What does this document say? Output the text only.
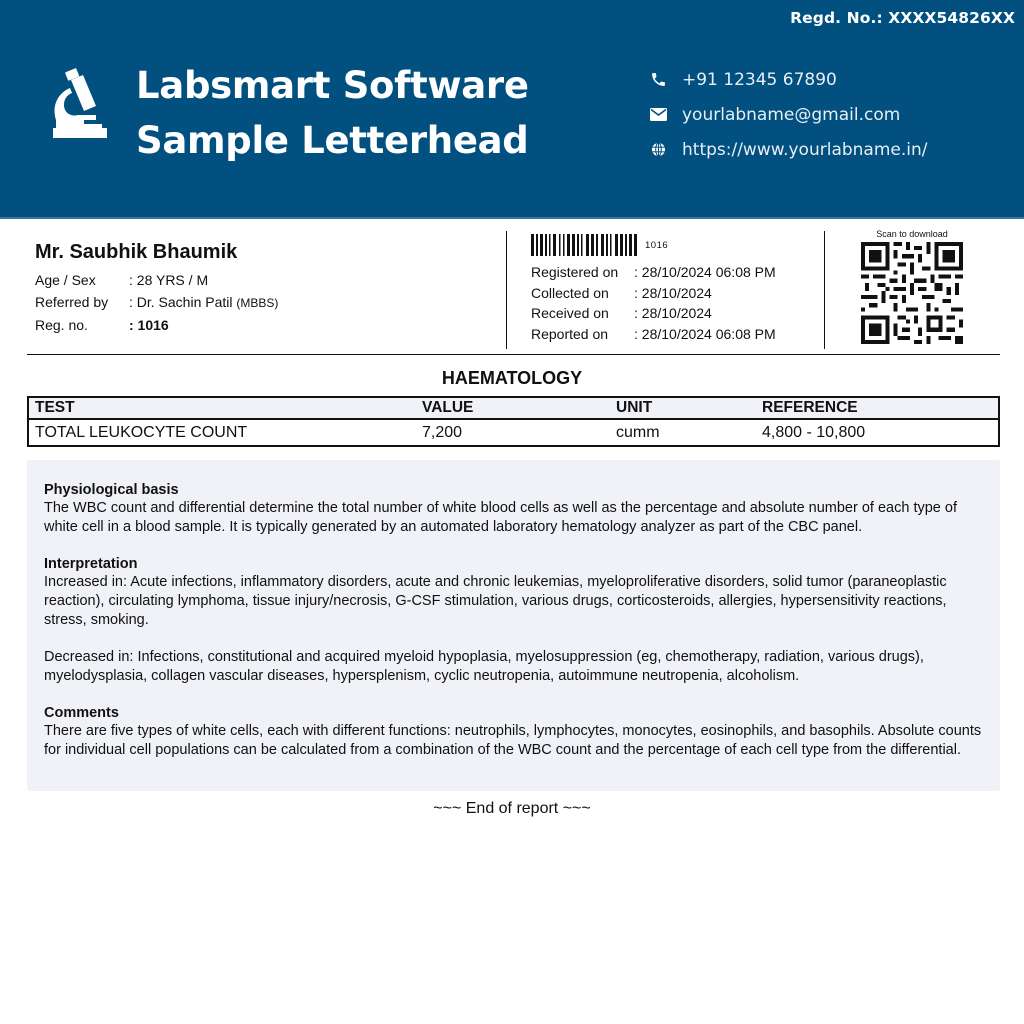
Regd. No.: XXXX54826XX
Labsmart Software
Sample Letterhead
+91 12345 67890
yourlabname@gmail.com
https://www.yourlabname.in/
Mr. Saubhik Bhaumik
Age / Sex	: 28 YRS / M
Referred by	: Dr. Sachin Patil (MBBS)
Reg. no.	: 1016
1016
Registered on	: 28/10/2024 06:08 PM
Collected on	: 28/10/2024
Received on	: 28/10/2024
Reported on	: 28/10/2024 06:08 PM
Scan to download
HAEMATOLOGY
TEST	VALUE	UNIT	REFERENCE
TOTAL LEUKOCYTE COUNT	7,200	cumm	4,800 - 10,800
Physiological basis
The WBC count and differential determine the total number of white blood cells as well as the percentage and absolute number of each type of white cell in a blood sample. It is typically generated by an automated laboratory hematology analyzer as part of the CBC panel.
Interpretation
Increased in: Acute infections, inflammatory disorders, acute and chronic leukemias, myeloproliferative disorders, solid tumor (paraneoplastic reaction), circulating lymphoma, tissue injury/necrosis, G-CSF stimulation, various drugs, corticosteroids, allergies, hypersensitivity reactions, stress, smoking.
Decreased in: Infections, constitutional and acquired myeloid hypoplasia, myelosuppression (eg, chemotherapy, radiation, various drugs), myelodysplasia, collagen vascular diseases, hypersplenism, cyclic neutropenia, autoimmune neutropenia, alcoholism.
Comments
There are five types of white cells, each with different functions: neutrophils, lymphocytes, monocytes, eosinophils, and basophils. Absolute counts for individual cell populations can be calculated from a combination of the WBC count and the percentage of each cell type from the differential.
~~~ End of report ~~~
